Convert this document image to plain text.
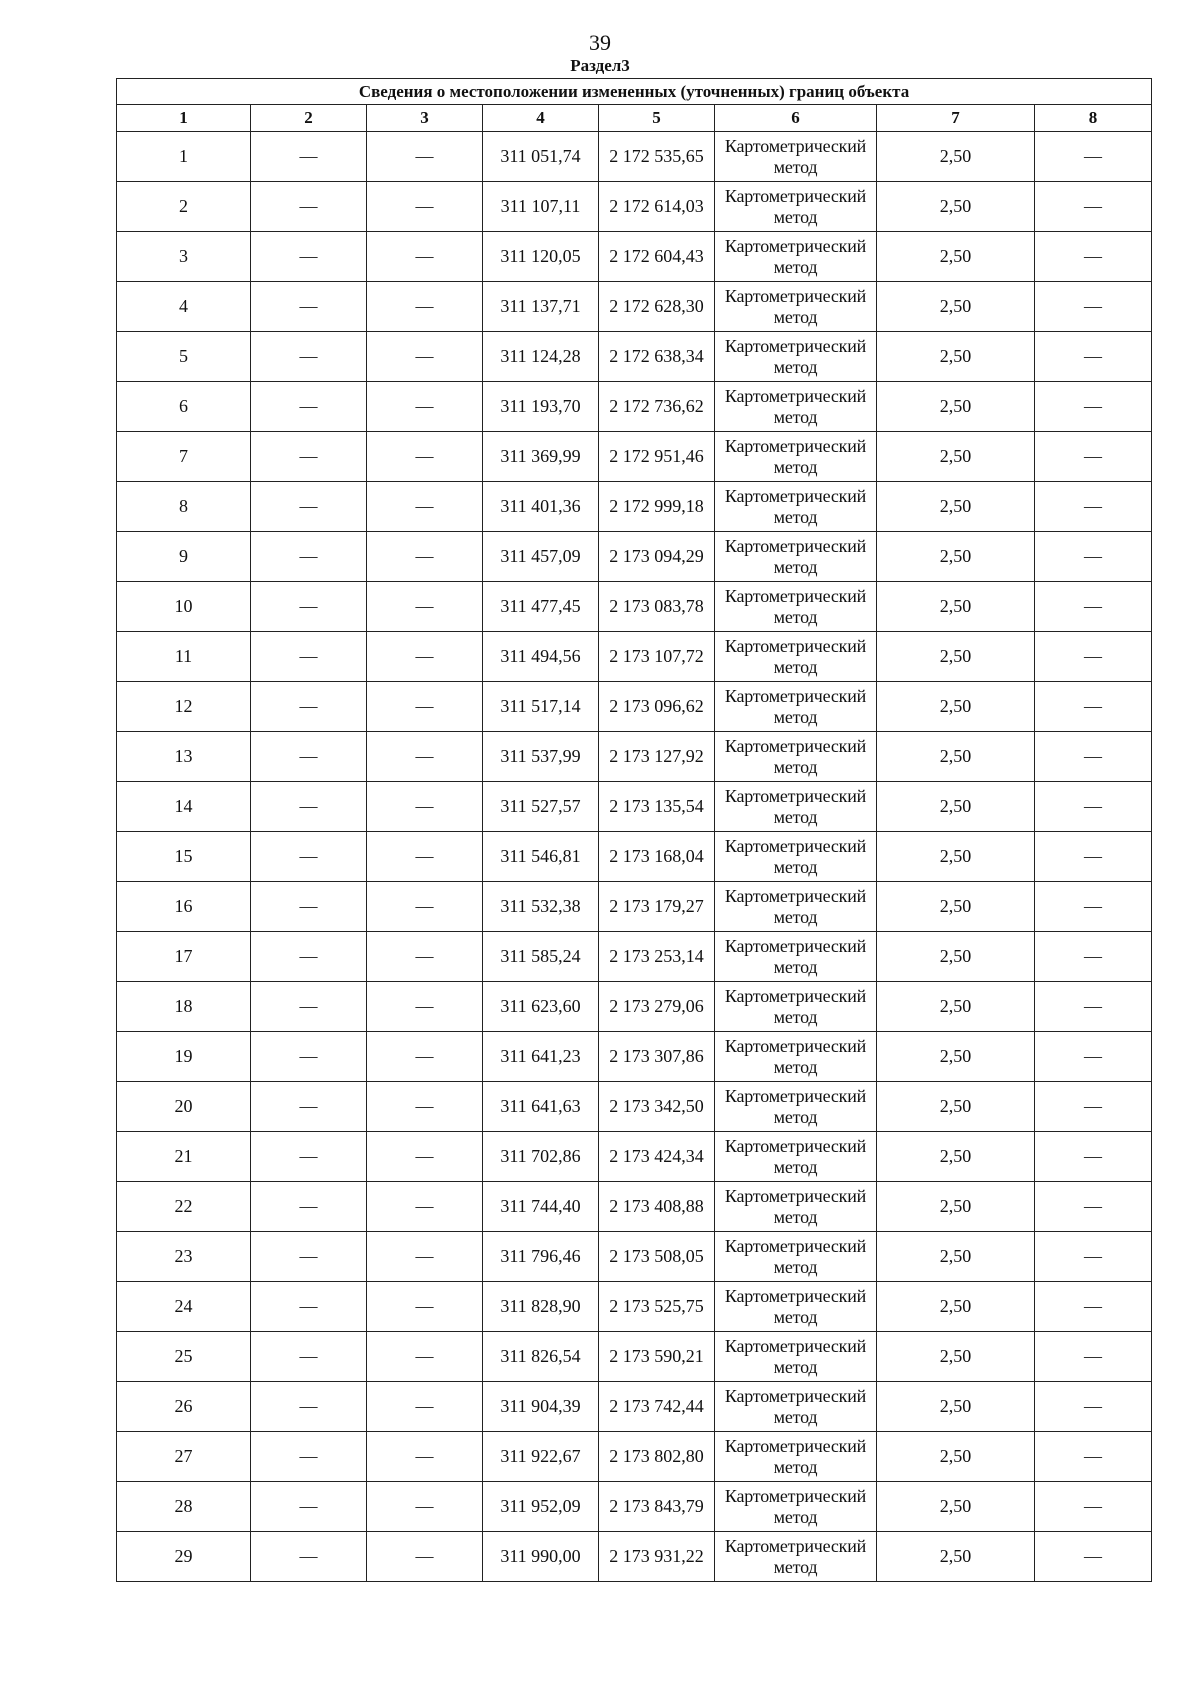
39
Раздел3
Сведения о местоположении измененных (уточненных) границ объекта							
1	2	3	4	5	6	7	8
1	—	—	311 051,74	2 172 535,65	Картометрический метод	2,50	—
2	—	—	311 107,11	2 172 614,03	Картометрический метод	2,50	—
3	—	—	311 120,05	2 172 604,43	Картометрический метод	2,50	—
4	—	—	311 137,71	2 172 628,30	Картометрический метод	2,50	—
5	—	—	311 124,28	2 172 638,34	Картометрический метод	2,50	—
6	—	—	311 193,70	2 172 736,62	Картометрический метод	2,50	—
7	—	—	311 369,99	2 172 951,46	Картометрический метод	2,50	—
8	—	—	311 401,36	2 172 999,18	Картометрический метод	2,50	—
9	—	—	311 457,09	2 173 094,29	Картометрический метод	2,50	—
10	—	—	311 477,45	2 173 083,78	Картометрический метод	2,50	—
11	—	—	311 494,56	2 173 107,72	Картометрический метод	2,50	—
12	—	—	311 517,14	2 173 096,62	Картометрический метод	2,50	—
13	—	—	311 537,99	2 173 127,92	Картометрический метод	2,50	—
14	—	—	311 527,57	2 173 135,54	Картометрический метод	2,50	—
15	—	—	311 546,81	2 173 168,04	Картометрический метод	2,50	—
16	—	—	311 532,38	2 173 179,27	Картометрический метод	2,50	—
17	—	—	311 585,24	2 173 253,14	Картометрический метод	2,50	—
18	—	—	311 623,60	2 173 279,06	Картометрический метод	2,50	—
19	—	—	311 641,23	2 173 307,86	Картометрический метод	2,50	—
20	—	—	311 641,63	2 173 342,50	Картометрический метод	2,50	—
21	—	—	311 702,86	2 173 424,34	Картометрический метод	2,50	—
22	—	—	311 744,40	2 173 408,88	Картометрический метод	2,50	—
23	—	—	311 796,46	2 173 508,05	Картометрический метод	2,50	—
24	—	—	311 828,90	2 173 525,75	Картометрический метод	2,50	—
25	—	—	311 826,54	2 173 590,21	Картометрический метод	2,50	—
26	—	—	311 904,39	2 173 742,44	Картометрический метод	2,50	—
27	—	—	311 922,67	2 173 802,80	Картометрический метод	2,50	—
28	—	—	311 952,09	2 173 843,79	Картометрический метод	2,50	—
29	—	—	311 990,00	2 173 931,22	Картометрический метод	2,50	—
